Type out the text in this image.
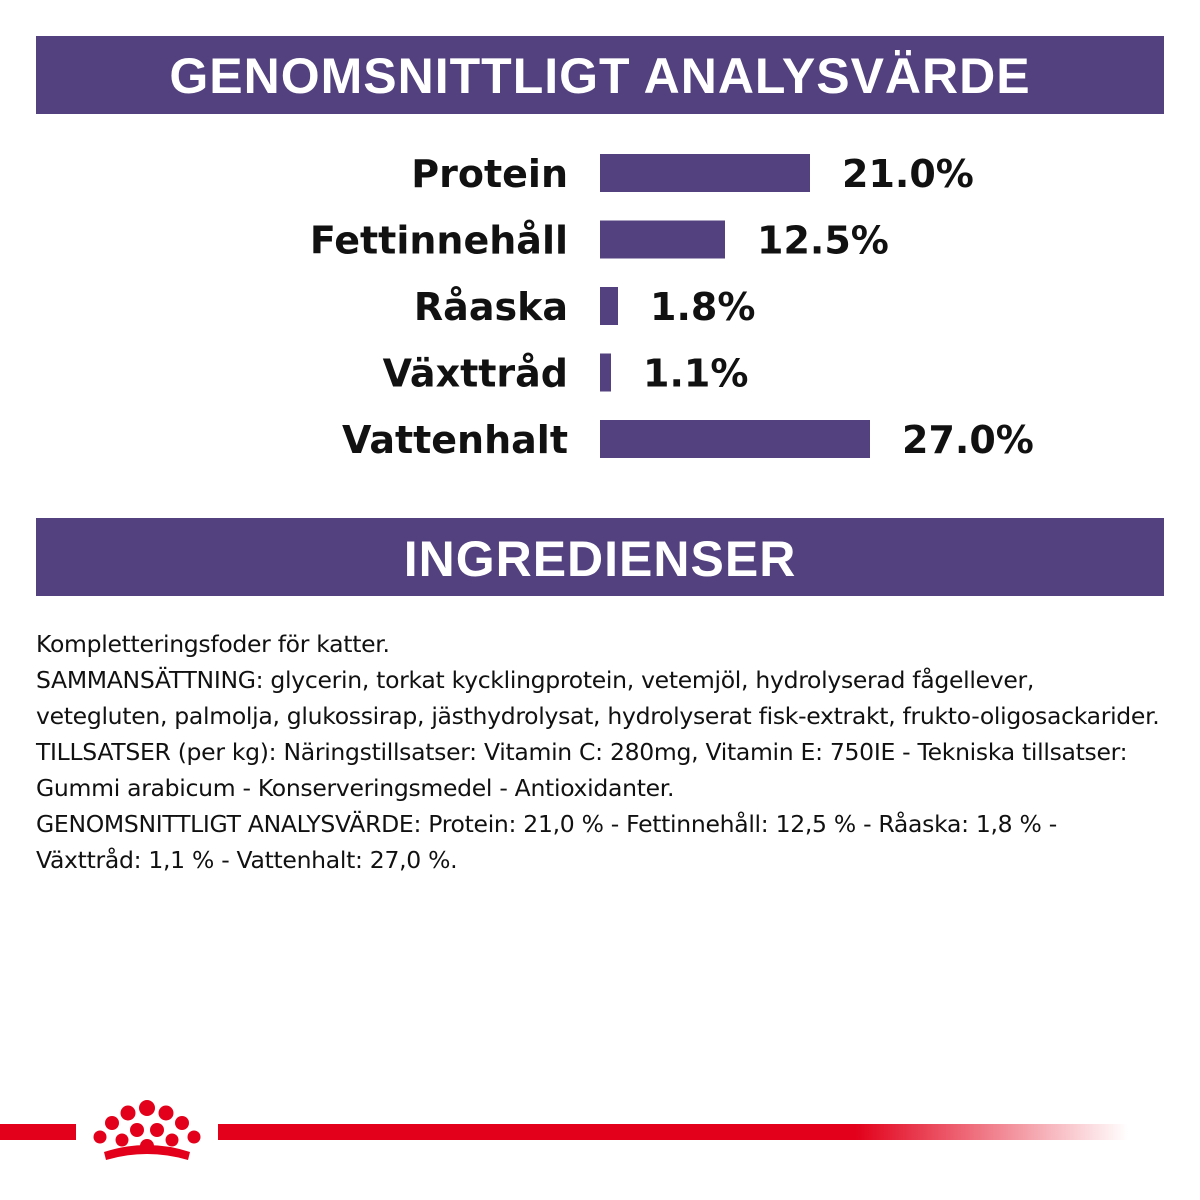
GENOMSNITTLIGT ANALYSVÄRDE
Protein	21.0%
Fettinnehåll	12.5%
Råaska 1.8%
Växttråd 1.1%
Vattenhalt	27.0%
INGREDIENSER

Kompletteringsfoder för katter.

SAMMANSÄTTNING: glycerin, torkat kycklingprotein, vetemjöl, hydrolyserad fågellever, vetegluten, palmolja, glukossirap, jästhydrolysat, hydrolyserat fisk-extrakt, frukto-oligosackarider.

TILLSATSER (per kg): Näringstillsatser: Vitamin C: 280mg, Vitamin E: 750IE - Tekniska tillsatser: Gummi arabicum - Konserveringsmedel - Antioxidanter.

GENOMSNITTLIGT ANALYSVÄRDE: Protein: 21,0 % - Fettinnehåll: 12,5 % - Råaska: 1,8 % - Växttråd: 1,1 % - Vattenhalt: 27,0 %.
